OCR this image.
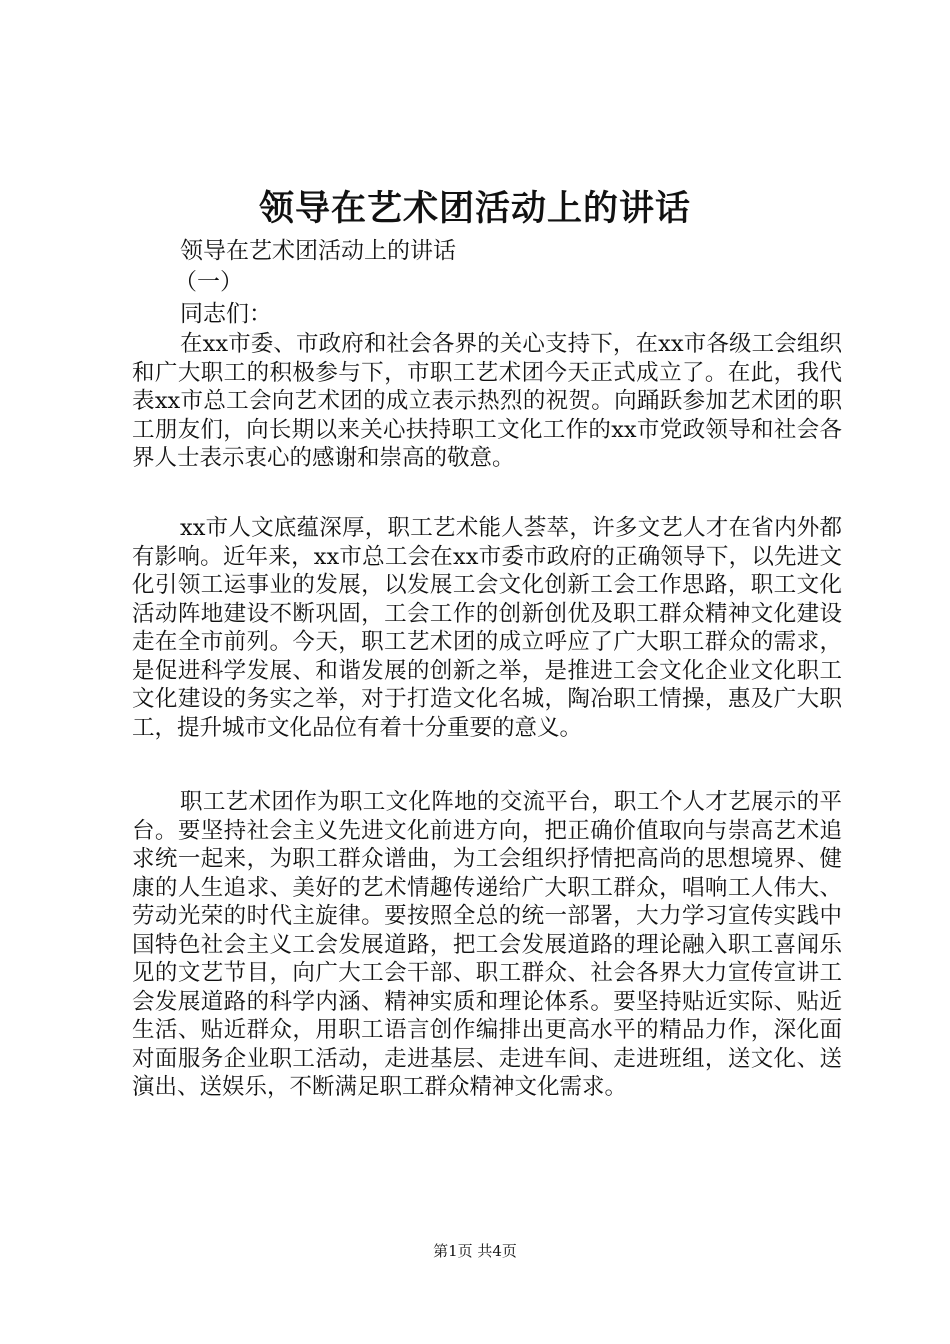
领导在艺术团活动上的讲话
领导在艺术团活动上的讲话
（一）
同志们：

在xx市委、市政府和社会各界的关心支持下，在xx市各级工会组织和广大职工的积极参与下，市职工艺术团今天正式成立了。在此，我代表xx市总工会向艺术团的成立表示热烈的祝贺。向踊跃参加艺术团的职工朋友们，向长期以来关心扶持职工文化工作的xx市党政领导和社会各界人士表示衷心的感谢和崇高的敬意。

xx市人文底蕴深厚，职工艺术能人荟萃，许多文艺人才在省内外都有影响。近年来，xx市总工会在xx市委市政府的正确领导下，以先进文化引领工运事业的发展，以发展工会文化创新工会工作思路，职工文化活动阵地建设不断巩固，工会工作的创新创优及职工群众精神文化建设走在全市前列。今天，职工艺术团的成立呼应了广大职工群众的需求，是促进科学发展、和谐发展的创新之举，是推进工会文化企业文化职工文化建设的务实之举，对于打造文化名城，陶冶职工情操，惠及广大职工，提升城市文化品位有着十分重要的意义。

职工艺术团作为职工文化阵地的交流平台，职工个人才艺展示的平台。要坚持社会主义先进文化前进方向，把正确价值取向与崇高艺术追求统一起来，为职工群众谱曲，为工会组织抒情把高尚的思想境界、健康的人生追求、美好的艺术情趣传递给广大职工群众，唱响工人伟大、劳动光荣的时代主旋律。要按照全总的统一部署，大力学习宣传实践中国特色社会主义工会发展道路，把工会发展道路的理论融入职工喜闻乐见的文艺节目，向广大工会干部、职工群众、社会各界大力宣传宣讲工会发展道路的科学内涵、精神实质和理论体系。要坚持贴近实际、贴近生活、贴近群众，用职工语言创作编排出更高水平的精品力作，深化面对面服务企业职工活动，走进基层、走进车间、走进班组，送文化、送演出、送娱乐，不断满足职工群众精神文化需求。

第1页 共4页
